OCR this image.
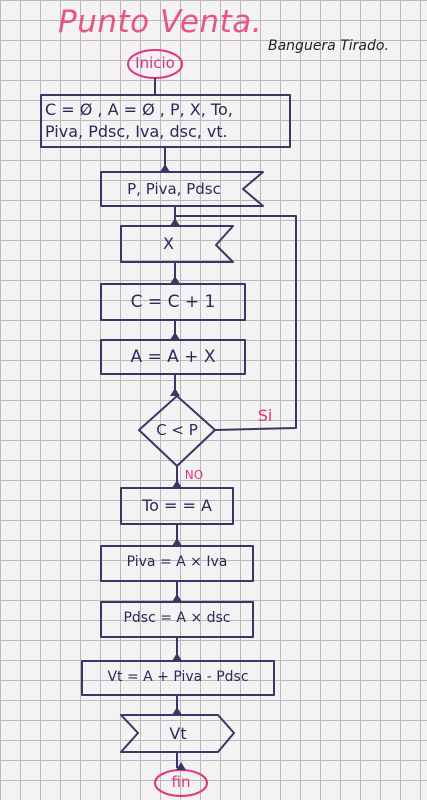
Punto Venta.
Banguera Tirado.
Inicio
C = Ø , A = Ø , P, X, To,
Piva, Pdsc, Iva, dsc, vt.
P, Piva, Pdsc
X
C = C + 1
A = A + X
C < P
Si
NO
To = = A
Piva = A × Iva
Pdsc = A × dsc
Vt = A + Piva - Pdsc
Vt
fin
